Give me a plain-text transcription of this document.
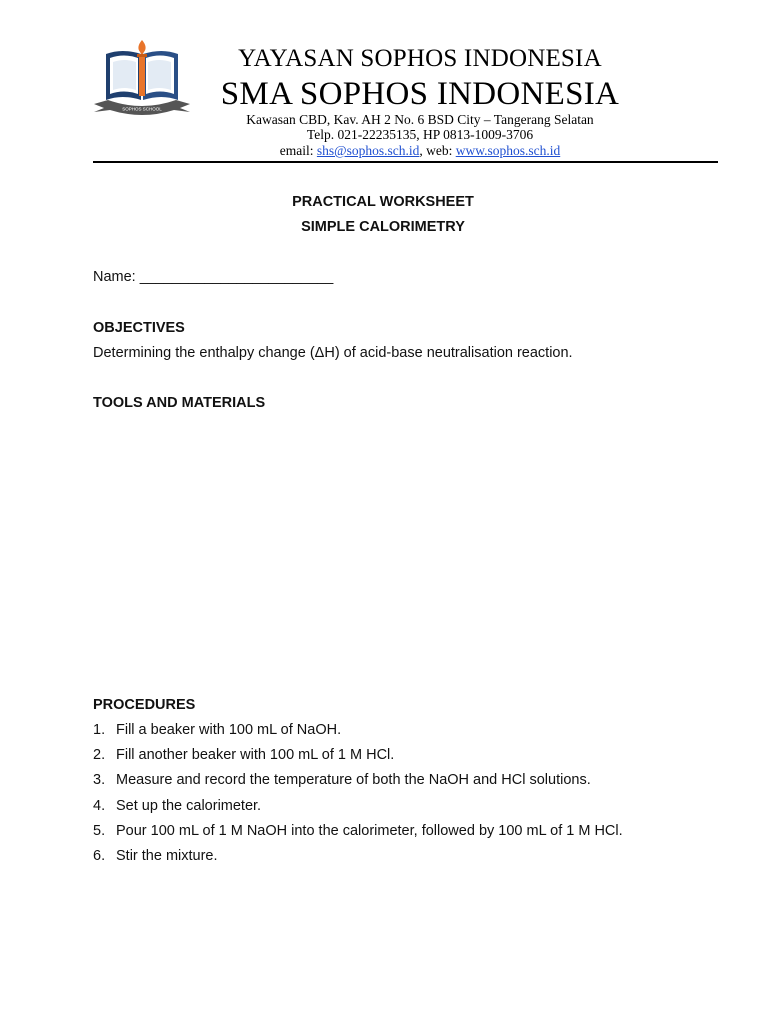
SOPHOS SCHOOL
YAYASAN SOPHOS INDONESIA
SMA SOPHOS INDONESIA
Kawasan CBD, Kav. AH 2 No. 6 BSD City – Tangerang Selatan
Telp. 021-22235135, HP 0813-1009-3706
email: shs@sophos.sch.id, web: www.sophos.sch.id
PRACTICAL WORKSHEET
SIMPLE CALORIMETRY
Name: ________________________
OBJECTIVES
Determining the enthalpy change (ΔH) of acid-base neutralisation reaction.
TOOLS AND MATERIALS
PROCEDURES
1. Fill a beaker with 100 mL of NaOH.
2. Fill another beaker with 100 mL of 1 M HCl.
3. Measure and record the temperature of both the NaOH and HCl solutions.
4. Set up the calorimeter.
5. Pour 100 mL of 1 M NaOH into the calorimeter, followed by 100 mL of 1 M HCl.
6. Stir the mixture.
